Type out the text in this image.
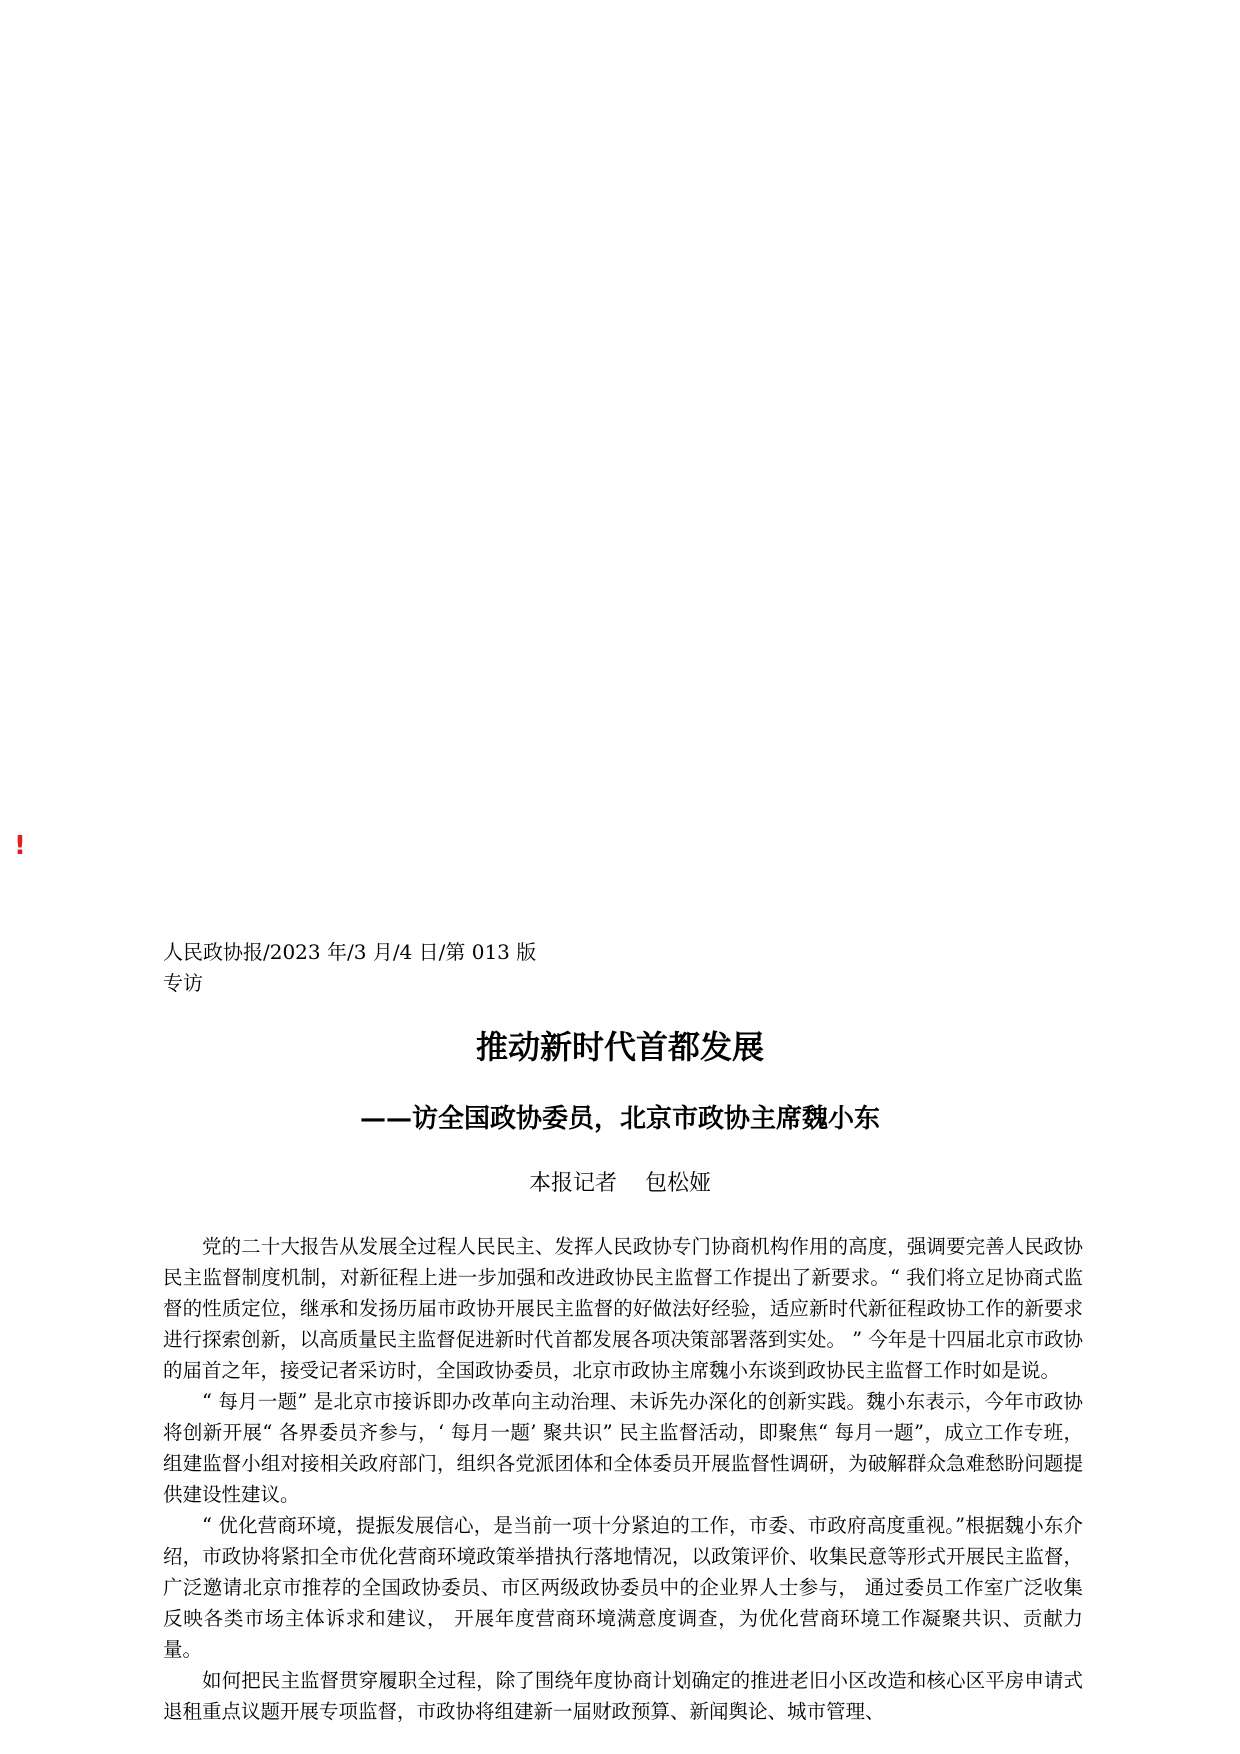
!
人民政协报/2023 年/3 月/4 日/第 013 版专访
推动新时代首都发展
——访全国政协委员，北京市政协主席魏小东
本报记者 包松娅

党的二十大报告从发展全过程人民民主、发挥人民政协专门协商机构作用的高度，强调要完善人民政协民主监督制度机制，对新征程上进一步加强和改进政协民主监督工作提出了新要求。“ 我们将立足协商式监督的性质定位，继承和发扬历届市政协开展民主监督的好做法好经验，适应新时代新征程政协工作的新要求进行探索创新，以高质量民主监督促进新时代首都发展各项决策部署落到实处。 ” 今年是十四届北京市政协的届首之年，接受记者采访时，全国政协委员，北京市政协主席魏小东谈到政协民主监督工作时如是说。

“ 每月一题” 是北京市接诉即办改革向主动治理、未诉先办深化的创新实践。魏小东表示，今年市政协将创新开展“ 各界委员齐参与，‘ 每月一题’ 聚共识” 民主监督活动，即聚焦“ 每月一题”，成立工作专班，组建监督小组对接相关政府部门，组织各党派团体和全体委员开展监督性调研，为破解群众急难愁盼问题提供建设性建议。

“ 优化营商环境，提振发展信心，是当前一项十分紧迫的工作，市委、市政府高度重视。”根据魏小东介绍，市政协将紧扣全市优化营商环境政策举措执行落地情况，以政策评价、收集民意等形式开展民主监督，广泛邀请北京市推荐的全国政协委员、市区两级政协委员中的企业界人士参与， 通过委员工作室广泛收集反映各类市场主体诉求和建议， 开展年度营商环境满意度调查，为优化营商环境工作凝聚共识、贡献力量。

如何把民主监督贯穿履职全过程，除了围绕年度协商计划确定的推进老旧小区改造和核心区平房申请式退租重点议题开展专项监督，市政协将组建新一届财政预算、新闻舆论、城市管理、
